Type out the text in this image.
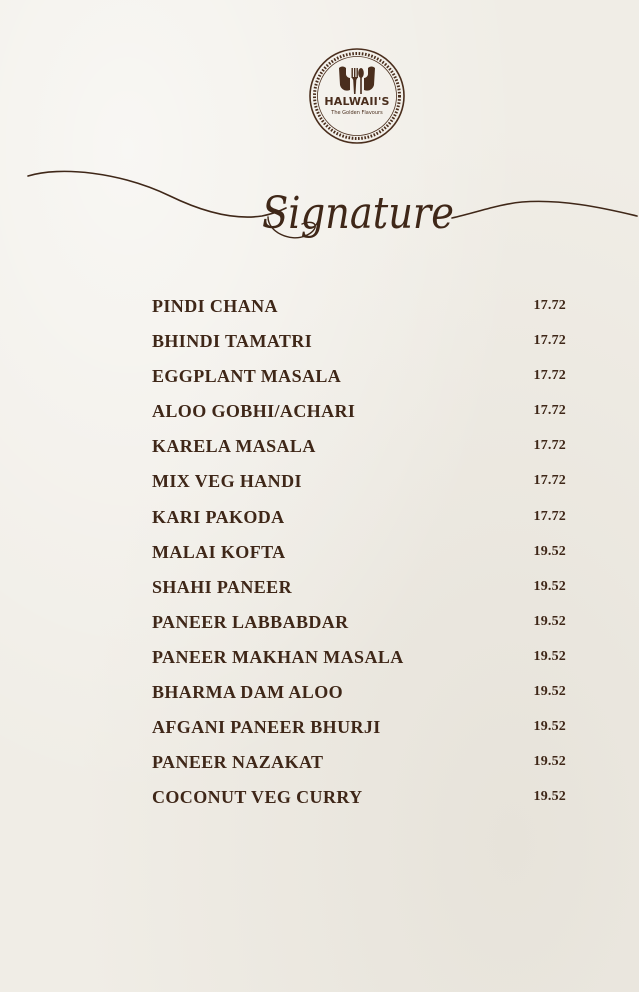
HALWAII'S
The Golden Flavours
Signature
PINDI CHANA	17.72
BHINDI TAMATRI	17.72
EGGPLANT MASALA	17.72
ALOO GOBHI/ACHARI	17.72
KARELA MASALA	17.72
MIX VEG HANDI	17.72
KARI PAKODA	17.72
MALAI KOFTA	19.52
SHAHI PANEER	19.52
PANEER LABBABDAR	19.52
PANEER MAKHAN MASALA	19.52
BHARMA DAM ALOO	19.52
AFGANI PANEER BHURJI	19.52
PANEER NAZAKAT	19.52
COCONUT VEG CURRY	19.52
